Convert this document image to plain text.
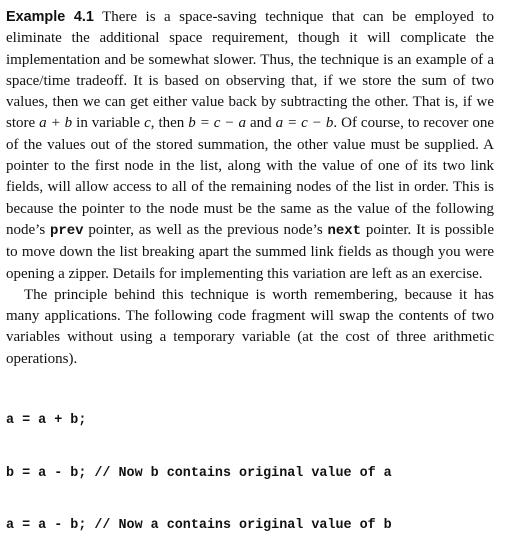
Example 4.1 There is a space-saving technique that can be employed to eliminate the additional space requirement, though it will complicate the implementation and be somewhat slower. Thus, the technique is an example of a space/time tradeoff. It is based on observing that, if we store the sum of two values, then we can get either value back by subtracting the other. That is, if we store a + b in variable c, then b = c − a and a = c − b. Of course, to recover one of the values out of the stored summation, the other value must be supplied. A pointer to the first node in the list, along with the value of one of its two link fields, will allow access to all of the remaining nodes of the list in order. This is because the pointer to the node must be the same as the value of the following node’s prev pointer, as well as the previous node’s next pointer. It is possible to move down the list breaking apart the summed link fields as though you were opening a zipper. Details for implementing this variation are left as an exercise.

The principle behind this technique is worth remembering, because it has many applications. The following code fragment will swap the contents of two variables without using a temporary variable (at the cost of three arithmetic operations).

a = a + b;

b = a - b; // Now b contains original value of a

a = a - b; // Now a contains original value of b
